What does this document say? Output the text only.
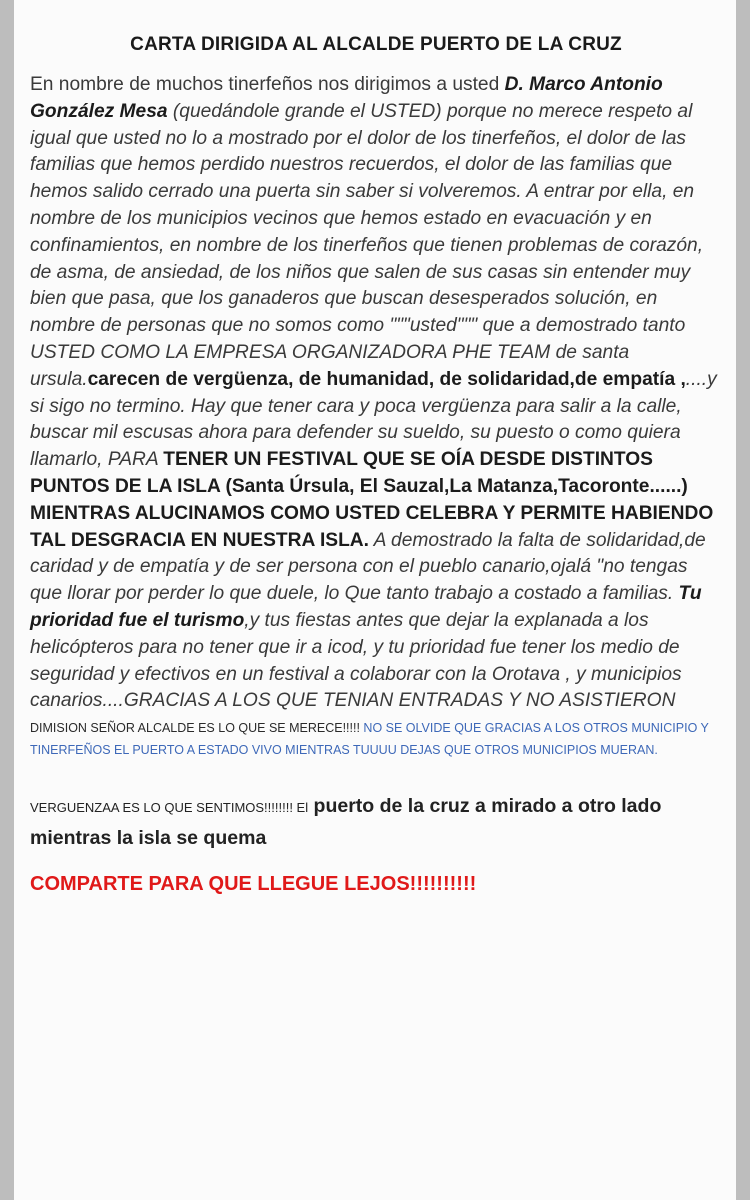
CARTA DIRIGIDA AL ALCALDE PUERTO DE LA CRUZ

En nombre de muchos tinerfeños nos dirigimos a usted D. Marco Antonio González Mesa (quedándole grande el USTED) porque no merece respeto al igual que usted no lo a mostrado por el dolor de los tinerfeños, el dolor de las familias que hemos perdido nuestros recuerdos, el dolor de las familias que hemos salido cerrado una puerta sin saber si volveremos. A entrar por ella, en nombre de los municipios vecinos que hemos estado en evacuación y en confinamientos, en nombre de los tinerfeños que tienen problemas de corazón, de asma, de ansiedad, de los niños que salen de sus casas sin entender muy bien que pasa, que los ganaderos que buscan desesperados solución, en nombre de personas que no somos como """usted""" que a demostrado tanto USTED COMO LA EMPRESA ORGANIZADORA PHE TEAM de santa ursula.carecen de vergüenza, de humanidad, de solidaridad,de empatía ,....y si sigo no termino. Hay que tener cara y poca vergüenza para salir a la calle, buscar mil escusas ahora para defender su sueldo, su puesto o como quiera llamarlo, PARA TENER UN FESTIVAL QUE SE OÍA DESDE DISTINTOS PUNTOS DE LA ISLA (Santa Úrsula, El Sauzal,La Matanza,Tacoronte......) MIENTRAS ALUCINAMOS COMO USTED CELEBRA Y PERMITE HABIENDO TAL DESGRACIA EN NUESTRA ISLA. A demostrado la falta de solidaridad,de caridad y de empatía y de ser persona con el pueblo canario,ojalá "no tengas que llorar por perder lo que duele, lo Que tanto trabajo a costado a familias. Tu prioridad fue el turismo,y tus fiestas antes que dejar la explanada a los helicópteros para no tener que ir a icod, y tu prioridad fue tener los medio de seguridad y efectivos en un festival a colaborar con la Orotava , y municipios canarios....GRACIAS A LOS QUE TENIAN ENTRADAS Y NO ASISTIERON

DIMISION SEÑOR ALCALDE ES LO QUE SE MERECE!!!!! NO SE OLVIDE QUE GRACIAS A LOS OTROS MUNICIPIO Y TINERFEÑOS EL PUERTO A ESTADO VIVO MIENTRAS TUUUU DEJAS QUE OTROS MUNICIPIOS MUERAN.
VERGUENZAA ES LO QUE SENTIMOS!!!!!!!! El puerto de la cruz a mirado a otro lado mientras la isla se quema
COMPARTE PARA QUE LLEGUE LEJOS!!!!!!!!!!
